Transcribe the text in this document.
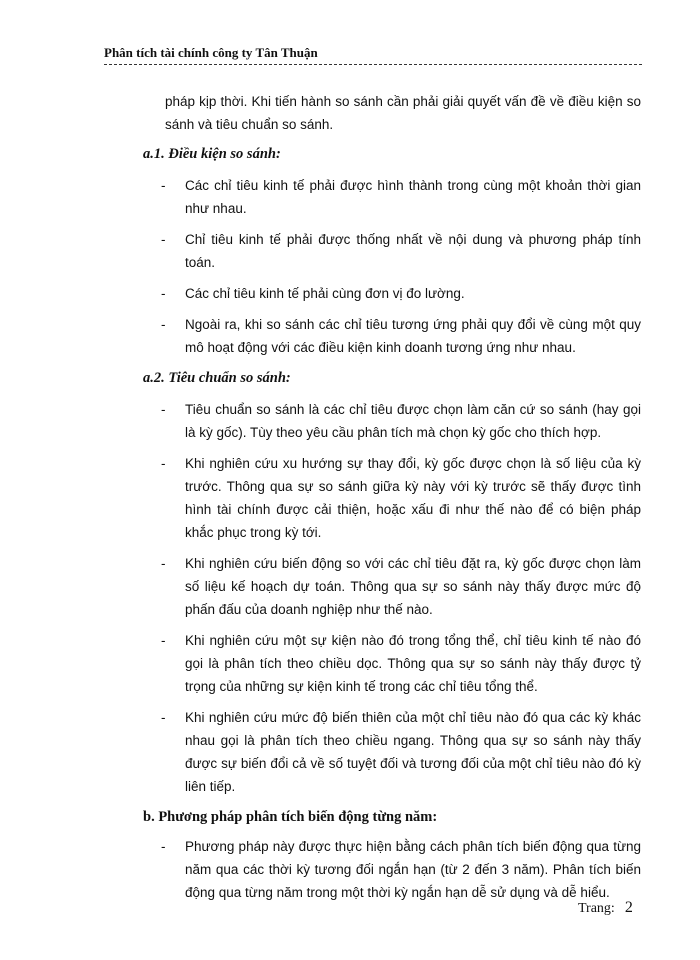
Phân tích tài chính công ty Tân Thuận

pháp kịp thời. Khi tiến hành so sánh cần phải giải quyết vấn đề về điều kiện so sánh và tiêu chuẩn so sánh.

a.1. Điều kiện so sánh:

- Các chỉ tiêu kinh tế phải được hình thành trong cùng một khoản thời gian như nhau.
- Chỉ tiêu kinh tế phải được thống nhất về nội dung và phương pháp tính toán.
- Các chỉ tiêu kinh tế phải cùng đơn vị đo lường.
- Ngoài ra, khi so sánh các chỉ tiêu tương ứng phải quy đổi về cùng một quy mô hoạt động với các điều kiện kinh doanh tương ứng như nhau.

a.2. Tiêu chuẩn so sánh:

- Tiêu chuẩn so sánh là các chỉ tiêu được chọn làm căn cứ so sánh (hay gọi là kỳ gốc). Tùy theo yêu cầu phân tích mà chọn kỳ gốc cho thích hợp.
- Khi nghiên cứu xu hướng sự thay đổi, kỳ gốc được chọn là số liệu của kỳ trước. Thông qua sự so sánh giữa kỳ này với kỳ trước sẽ thấy được tình hình tài chính được cải thiện, hoặc xấu đi như thế nào để có biện pháp khắc phục trong kỳ tới.
- Khi nghiên cứu biến động so với các chỉ tiêu đặt ra, kỳ gốc được chọn làm số liệu kế hoạch dự toán. Thông qua sự so sánh này thấy được mức độ phấn đấu của doanh nghiệp như thế nào.
- Khi nghiên cứu một sự kiện nào đó trong tổng thể, chỉ tiêu kinh tế nào đó gọi là phân tích theo chiều dọc. Thông qua sự so sánh này thấy được tỷ trọng của những sự kiện kinh tế trong các chỉ tiêu tổng thể.
- Khi nghiên cứu mức độ biến thiên của một chỉ tiêu nào đó qua các kỳ khác nhau gọi là phân tích theo chiều ngang. Thông qua sự so sánh này thấy được sự biến đổi cả về số tuyệt đối và tương đối của một chỉ tiêu nào đó kỳ liên tiếp.

b. Phương pháp phân tích biến động từng năm:

- Phương pháp này được thực hiện bằng cách phân tích biến động qua từng năm qua các thời kỳ tương đối ngắn hạn (từ 2 đến 3 năm). Phân tích biến động qua từng năm trong một thời kỳ ngắn hạn dễ sử dụng và dễ hiểu.
Trang: 2
